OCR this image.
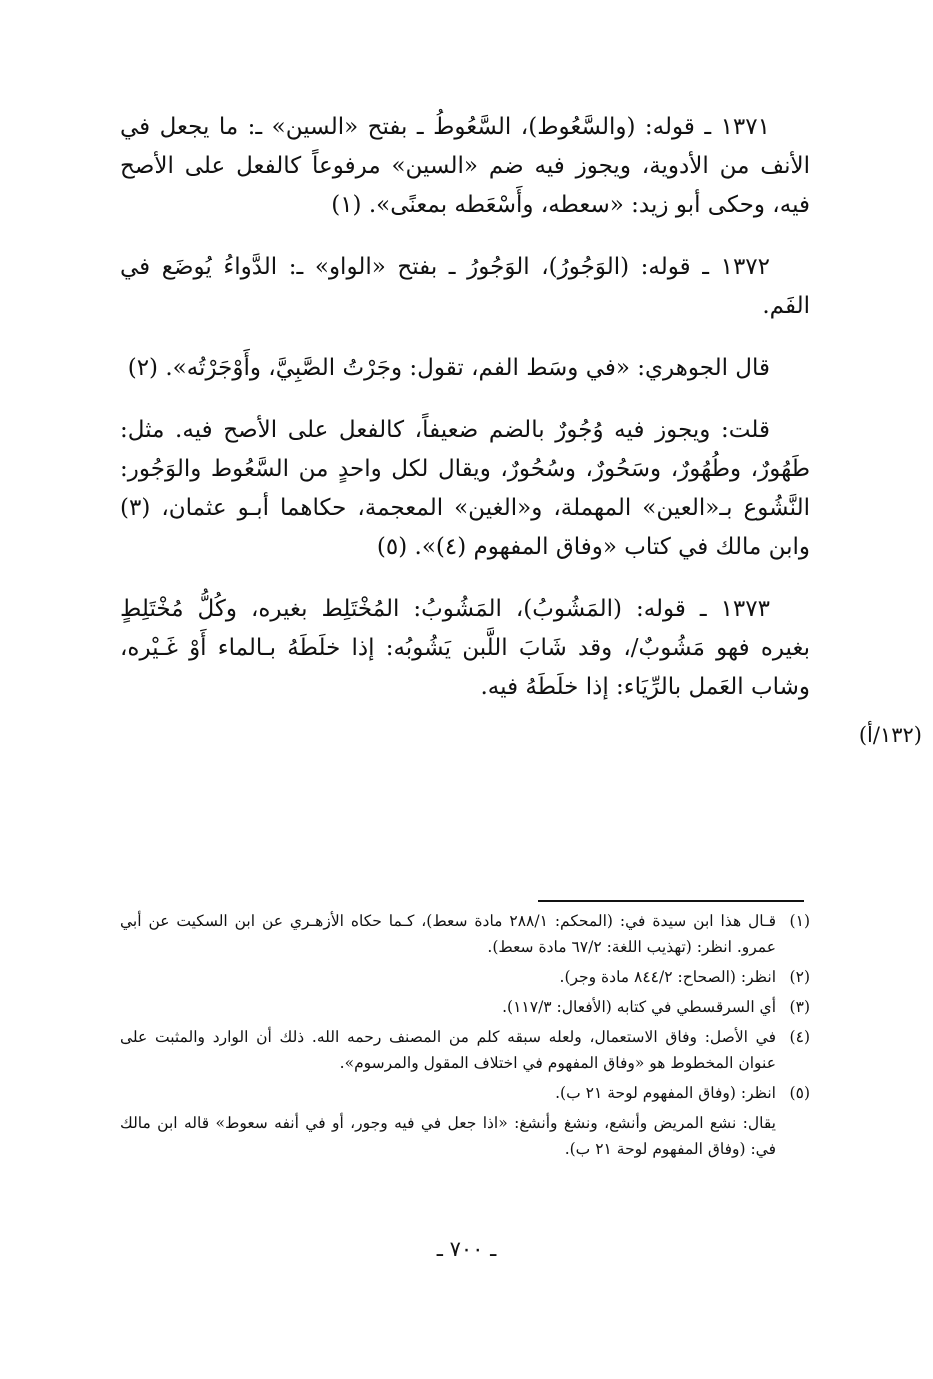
١٣٧١ ـ قوله: (والسَّعُوط)، السَّعُوطُ ـ بفتح «السين» ـ: ما يجعل في الأنف من الأدوية، ويجوز فيه ضم «السين» مرفوعاً كالفعل على الأصح فيه، وحكى أبو زيد: «سعطه، وأَسْعَطه بمعنًى». (١)

١٣٧٢ ـ قوله: (الوَجُورُ)، الوَجُورُ ـ بفتح «الواو» ـ: الدَّواءُ يُوضَع في الفَم.

قال الجوهري: «في وسَط الفم، تقول: وجَرْتُ الصَّبِيَّ، وأَوْجَرْتُه». (٢)

قلت: ويجوز فيه وُجُورٌ بالضم ضعيفاً، كالفعل على الأصح فيه. مثل: طَهُورٌ، وطُهُورٌ، وسَحُورٌ، وسُحُورٌ، ويقال لكل واحدٍ من السَّعُوط والوَجُور: النَّشُوع بـ«العين» المهملة، و«الغين» المعجمة، حكاهما أبـو عثمان، (٣) وابن مالك في كتاب «وفاق المفهوم (٤)». (٥)

١٣٧٣ ـ قوله: (المَشُوبُ)، المَشُوبُ: المُخْتَلِط بغيره، وكُلُّ مُخْتَلِطٍ بغيره فهو مَشُوبٌ/، وقد شَابَ اللَّبن يَشُوبُه: إذا خلَطَهُ بـالماء أَوْ غَـيْره، وشاب العَمل بالرِّيَاء: إذا خلَطَهُ فيه.

(١٣٢/أ)
(١)
قـال هذا ابن سيدة في: (المحكم: ٢٨٨/١ مادة سعط)، كـما حكاه الأزهـري عن ابن السكيت عن أبي عمرو. انظر: (تهذيب اللغة: ٦٧/٢ مادة سعط).
(٢)
انظر: (الصحاح: ٨٤٤/٢ مادة وجر).
(٣)
أي السرقسطي في كتابه (الأفعال: ١١٧/٣).
(٤)
في الأصل: وفاق الاستعمال، ولعله سبقه كلم من المصنف رحمه الله. ذلك أن الوارد والمثبت على عنوان المخطوط هو «وفاق المفهوم في اختلاف المقول والمرسوم».
(٥)
انظر: (وفاق المفهوم لوحة ٢١ ب).
يقال: نشع المريض وأنشع، ونشغ وأنشغ: «اذا جعل في فيه وجور، أو في أنفه سعوط» قاله ابن مالك في: (وفاق المفهوم لوحة ٢١ ب).
ـ ٧٠٠ ـ
